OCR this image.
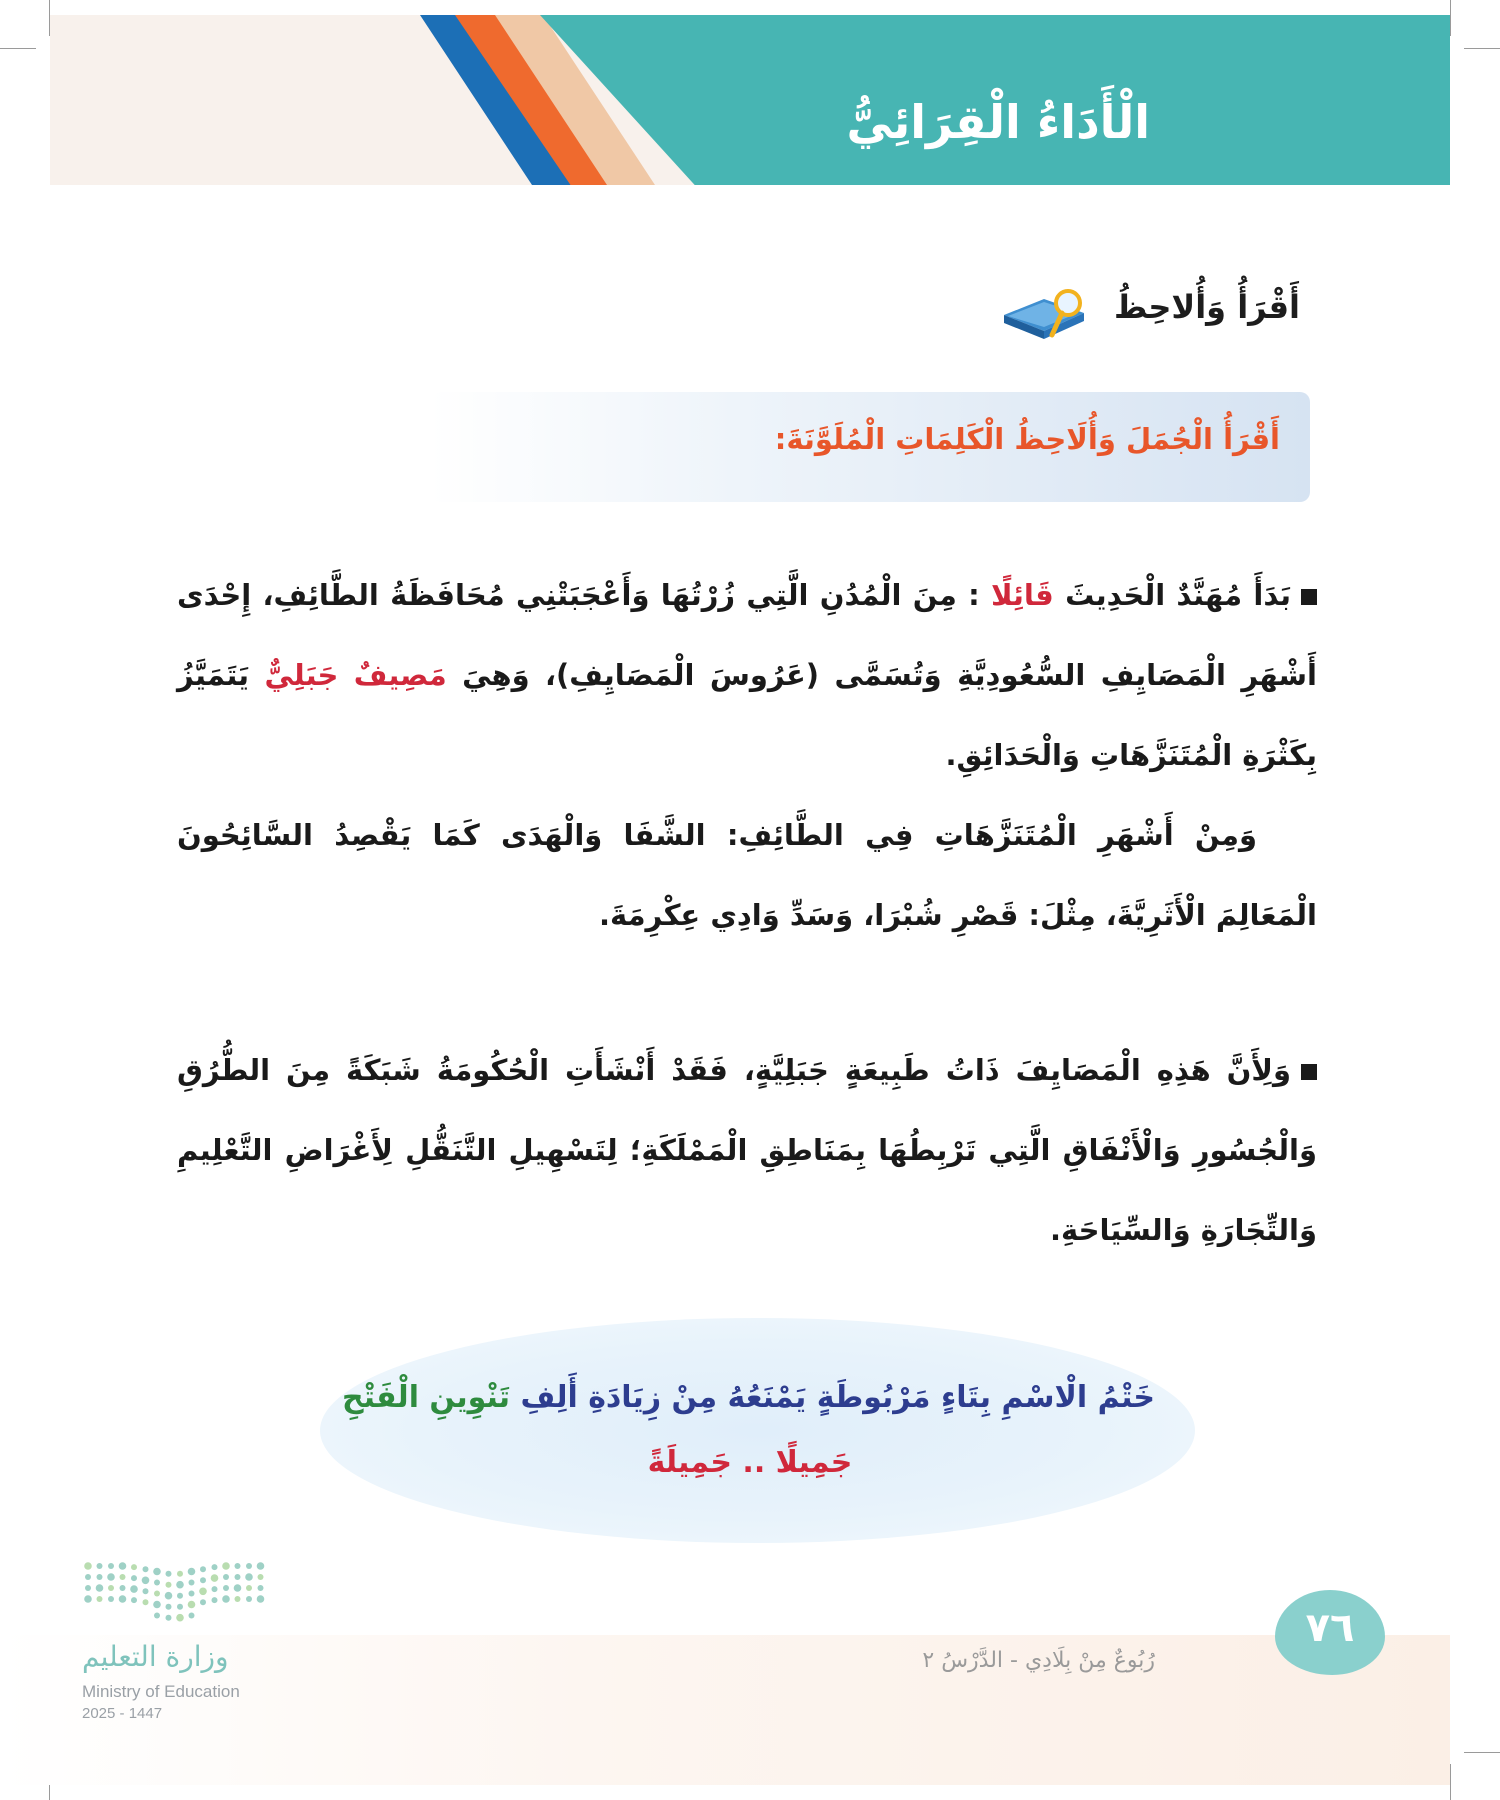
الْأَدَاءُ الْقِرَائِيُّ
أَقْرَأُ وَأُلاحِظُ
أَقْرَأُ الْجُمَلَ وَأُلَاحِظُ الْكَلِمَاتِ الْمُلَوَّنَةَ:
بَدَأَ مُهَنَّدٌ الْحَدِيثَ قَائِلًا : مِنَ الْمُدُنِ الَّتِي زُرْتُهَا وَأَعْجَبَتْنِي مُحَافَظَةُ الطَّائِفِ، إِحْدَى أَشْهَرِ الْمَصَايِفِ السُّعُودِيَّةِ وَتُسَمَّى (عَرُوسَ الْمَصَايِفِ)، وَهِيَ مَصِيفٌ جَبَلِيٌّ يَتَمَيَّزُ بِكَثْرَةِ الْمُتَنَزَّهَاتِ وَالْحَدَائِقِ.
وَمِنْ أَشْهَرِ الْمُتَنَزَّهَاتِ فِي الطَّائِفِ: الشَّفَا وَالْهَدَى كَمَا يَقْصِدُ السَّائِحُونَ الْمَعَالِمَ الْأَثَرِيَّةَ، مِثْلَ: قَصْرِ شُبْرَا، وَسَدِّ وَادِي عِكْرِمَةَ.
وَلِأَنَّ هَذِهِ الْمَصَايِفَ ذَاتُ طَبِيعَةٍ جَبَلِيَّةٍ، فَقَدْ أَنْشَأَتِ الْحُكُومَةُ شَبَكَةً مِنَ الطُّرُقِ وَالْجُسُورِ وَالْأَنْفَاقِ الَّتِي تَرْبِطُهَا بِمَنَاطِقِ الْمَمْلَكَةِ؛ لِتَسْهِيلِ التَّنَقُّلِ لِأَغْرَاضِ التَّعْلِيمِ وَالتِّجَارَةِ وَالسِّيَاحَةِ.
خَتْمُ الْاسْمِ بِتَاءٍ مَرْبُوطَةٍ يَمْنَعُهُ مِنْ زِيَادَةِ أَلِفِ تَنْوِينِ الْفَتْحِ
جَمِيلًا .. جَمِيلَةً
٧٦
رُبُوعٌ مِنْ بِلَادِي - الدَّرْسُ ٢
وزارة التعليم
Ministry of Education
2025 - 1447
